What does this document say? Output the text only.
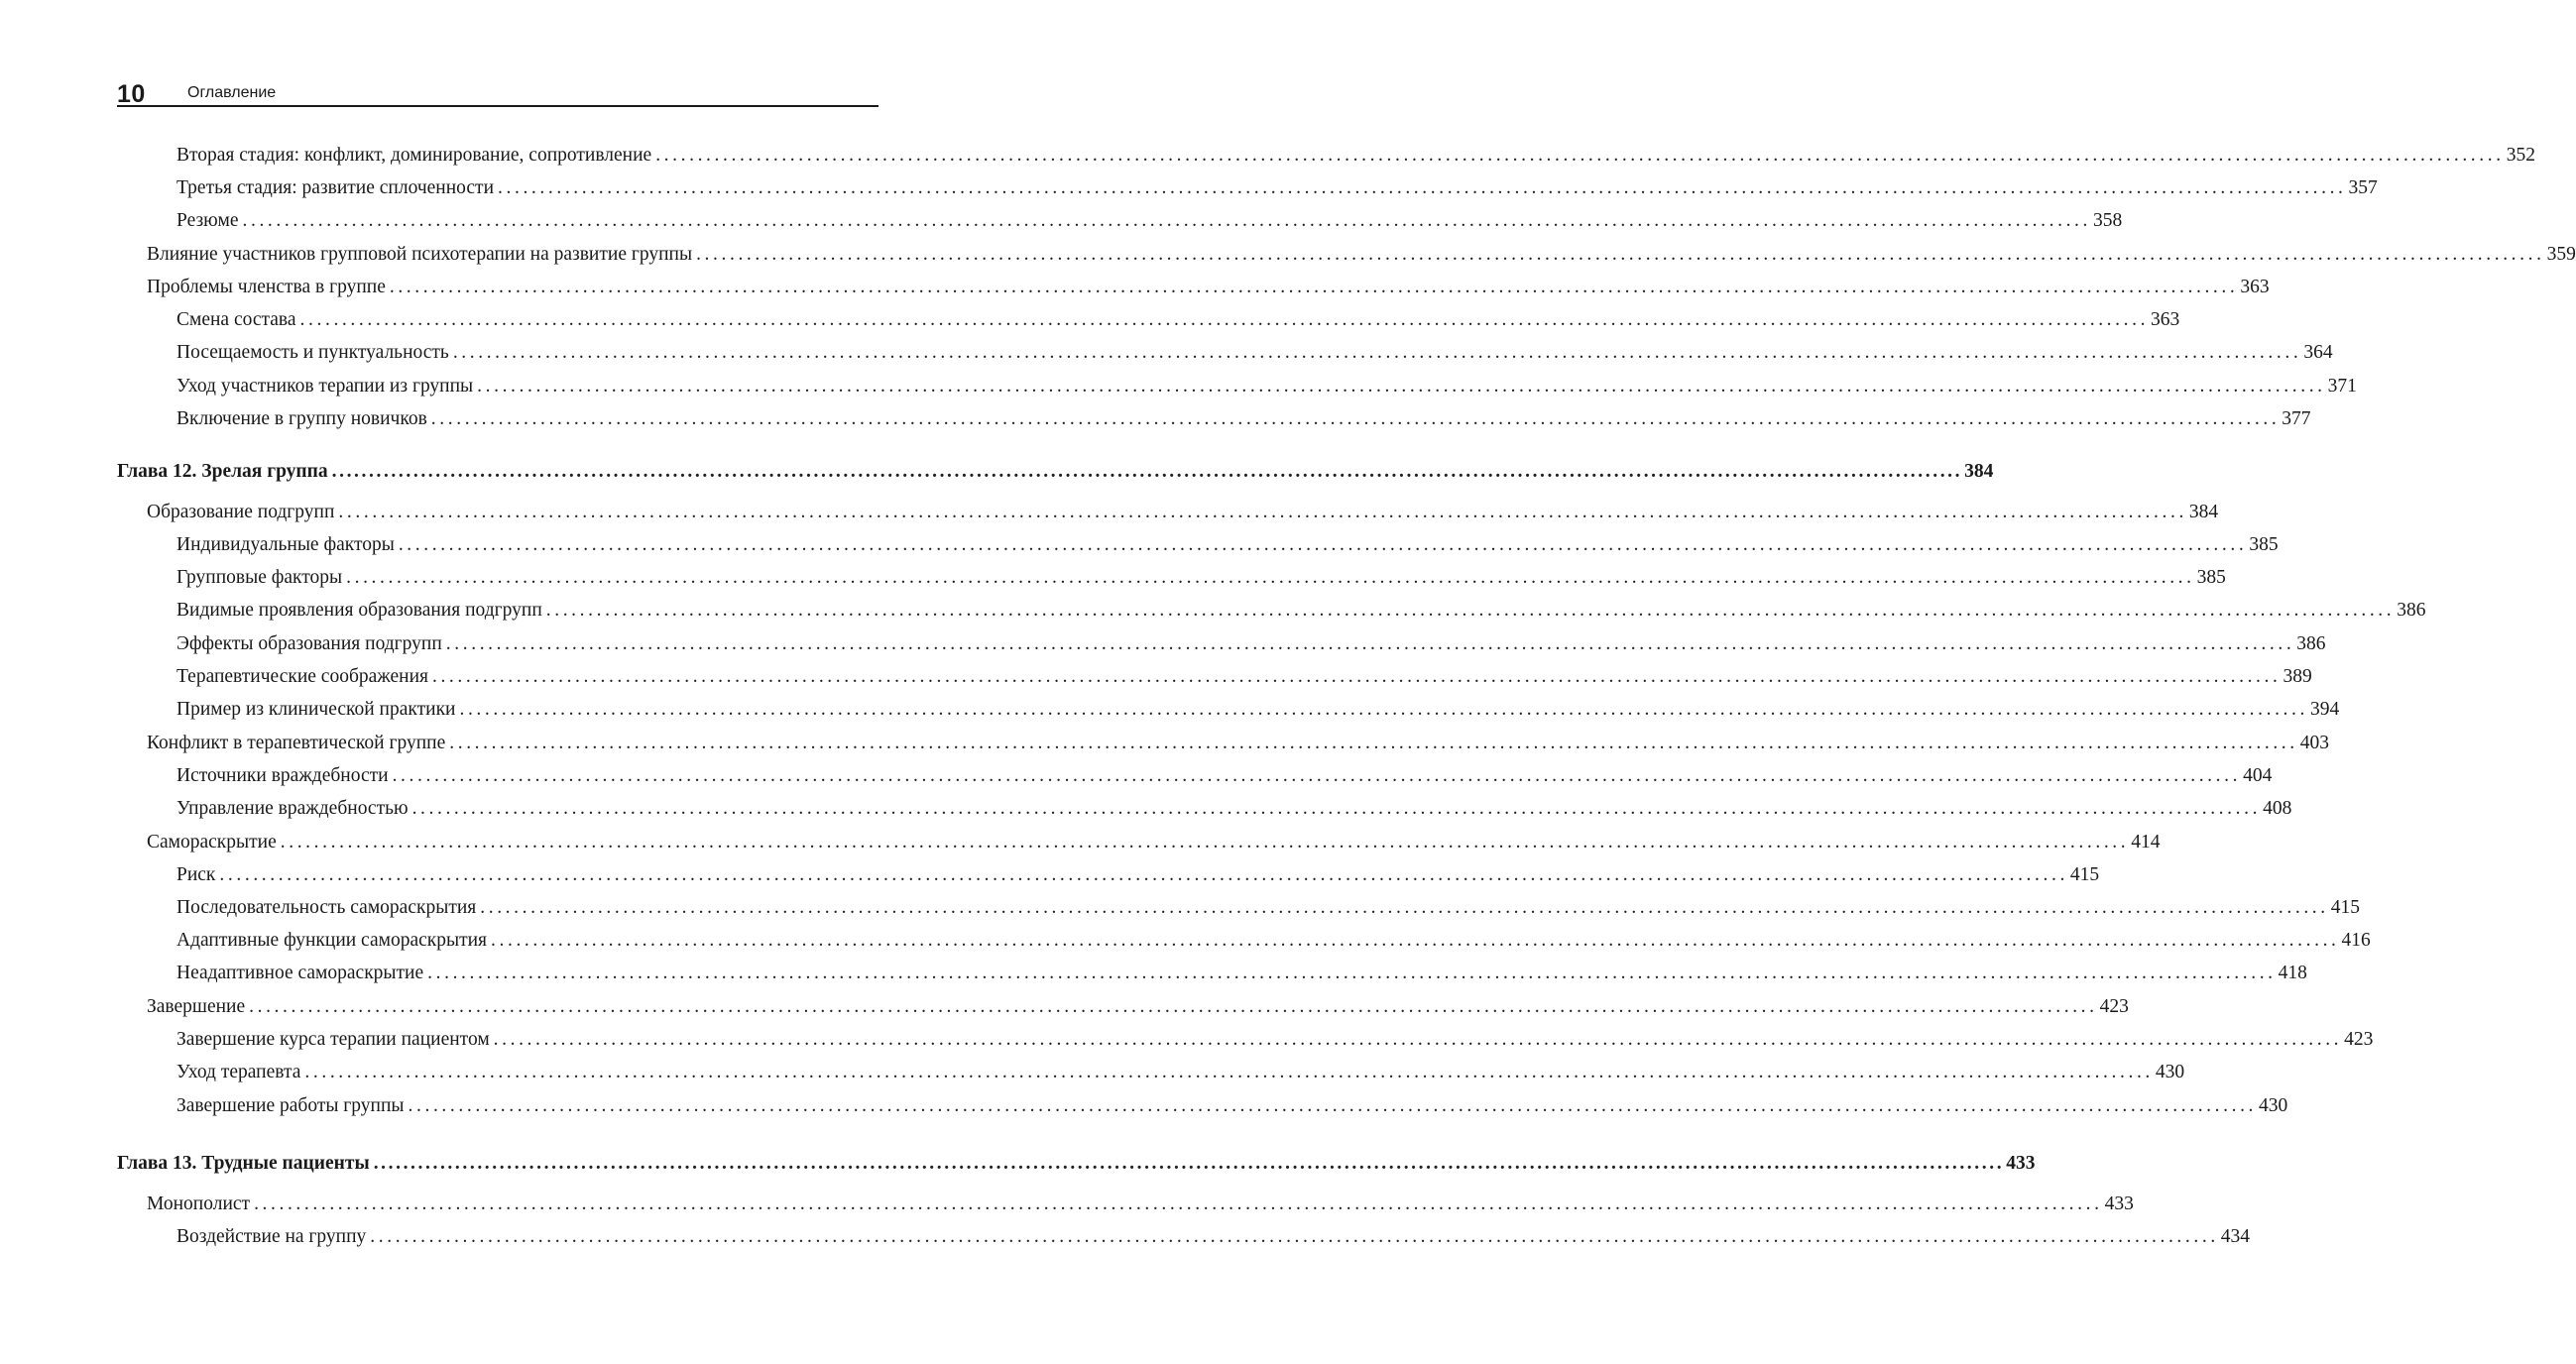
10	Оглавление
Вторая стадия: конфликт, доминирование, сопротивление ............................................................................................................................................................................................................................ 352
Третья стадия: развитие сплоченности ............................................................................................................................................................................................................................ 357
Резюме ............................................................................................................................................................................................................................ 358
Влияние участников групповой психотерапии на развитие группы ............................................................................................................................................................................................................................ 359
Проблемы членства в группе ............................................................................................................................................................................................................................ 363
Смена состава ............................................................................................................................................................................................................................ 363
Посещаемость и пунктуальность ............................................................................................................................................................................................................................ 364
Уход участников терапии из группы ............................................................................................................................................................................................................................ 371
Включение в группу новичков ............................................................................................................................................................................................................................ 377
Глава 12. Зрелая группа ............................................................................................................................................................................................................................ 384
Образование подгрупп ............................................................................................................................................................................................................................ 384
Индивидуальные факторы ............................................................................................................................................................................................................................ 385
Групповые факторы ............................................................................................................................................................................................................................ 385
Видимые проявления образования подгрупп ............................................................................................................................................................................................................................ 386
Эффекты образования подгрупп ............................................................................................................................................................................................................................ 386
Терапевтические соображения ............................................................................................................................................................................................................................ 389
Пример из клинической практики ............................................................................................................................................................................................................................ 394
Конфликт в терапевтической группе ............................................................................................................................................................................................................................ 403
Источники враждебности ............................................................................................................................................................................................................................ 404
Управление враждебностью ............................................................................................................................................................................................................................ 408
Самораскрытие ............................................................................................................................................................................................................................ 414
Риск ............................................................................................................................................................................................................................ 415
Последовательность самораскрытия ............................................................................................................................................................................................................................ 415
Адаптивные функции самораскрытия ............................................................................................................................................................................................................................ 416
Неадаптивное самораскрытие ............................................................................................................................................................................................................................ 418
Завершение ............................................................................................................................................................................................................................ 423
Завершение курса терапии пациентом ............................................................................................................................................................................................................................ 423
Уход терапевта ............................................................................................................................................................................................................................ 430
Завершение работы группы ............................................................................................................................................................................................................................ 430
Глава 13. Трудные пациенты ............................................................................................................................................................................................................................ 433
Монополист ............................................................................................................................................................................................................................ 433
Воздействие на группу ............................................................................................................................................................................................................................ 434
